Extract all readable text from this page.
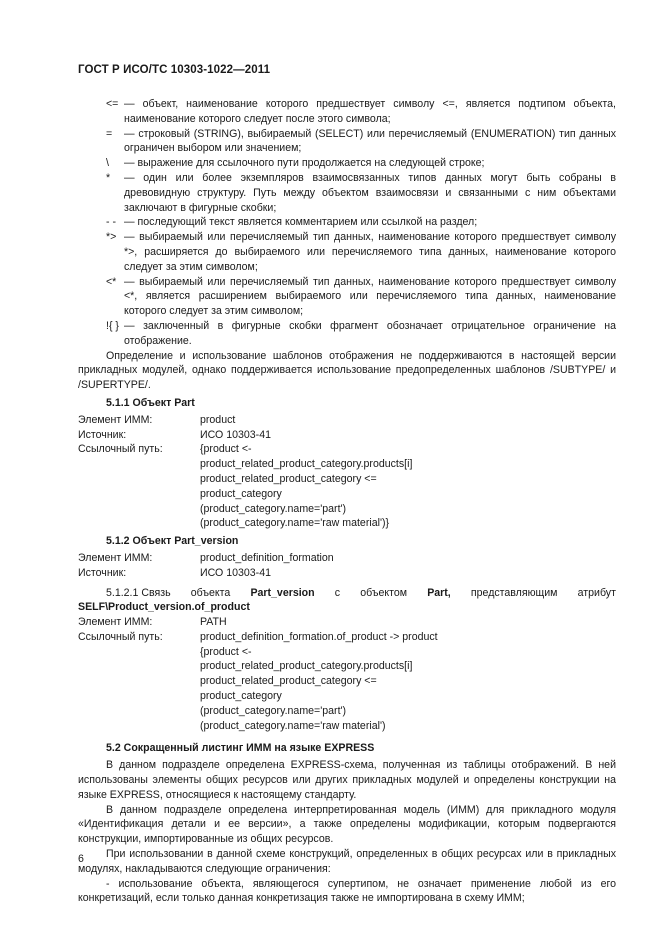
ГОСТ Р ИСО/ТС 10303-1022—2011
<= — объект, наименование которого предшествует символу <=, является подтипом объекта, наименование которого следует после этого символа;
=	— строковый (STRING), выбираемый (SELECT) или перечисляемый (ENUMERATION) тип данных ограничен выбором или значением;
\	— выражение для ссылочного пути продолжается на следующей строке;
*	— один или более экземпляров взаимосвязанных типов данных могут быть собраны в древовидную структуру. Путь между объектом взаимосвязи и связанными с ним объектами заключают в фигурные скобки;
- - — последующий текст является комментарием или ссылкой на раздел;
*> — выбираемый или перечисляемый тип данных, наименование которого предшествует символу *>, расширяется до выбираемого или перечисляемого типа данных, наименование которого следует за этим символом;
<* — выбираемый или перечисляемый тип данных, наименование которого предшествует символу <*, является расширением выбираемого или перечисляемого типа данных, наименование которого следует за этим символом;
!{ } — заключенный в фигурные скобки фрагмент обозначает отрицательное ограничение на отображение.

Определение и использование шаблонов отображения не поддерживаются в настоящей версии прикладных модулей, однако поддерживается использование предопределенных шаблонов /SUBTYPE/ и /SUPERTYPE/.

5.1.1 Объект Part
Элемент ИММ:	product
Источник:	ИСО 10303-41
Ссылочный путь:	{product <-
product_related_product_category.products[i]
product_related_product_category <=
product_category
(product_category.name='part')
(product_category.name='raw material')}
5.1.2 Объект Part_version
Элемент ИММ:	product_definition_formation
Источник:	ИСО 10303-41
5.1.2.1 Связь объекта Part_version с объектом Part, представляющим атрибут
SELF\Product_version.of_product
Элемент ИММ:	PATH
Ссылочный путь:	product_definition_formation.of_product -> product
{product <-
product_related_product_category.products[i]
product_related_product_category <=
product_category
(product_category.name='part')
(product_category.name='raw material')
5.2 Сокращенный листинг ИММ на языке EXPRESS

В данном подразделе определена EXPRESS-схема, полученная из таблицы отображений. В ней использованы элементы общих ресурсов или других прикладных модулей и определены конструкции на языке EXPRESS, относящиеся к настоящему стандарту.

В данном подразделе определена интерпретированная модель (ИММ) для прикладного модуля «Идентификация детали и ее версии», а также определены модификации, которым подвергаются конструкции, импортированные из общих ресурсов.

При использовании в данной схеме конструкций, определенных в общих ресурсах или в прикладных модулях, накладываются следующие ограничения:

- использование объекта, являющегося супертипом, не означает применение любой из его конкретизаций, если только данная конкретизация также не импортирована в схему ИММ;

6
